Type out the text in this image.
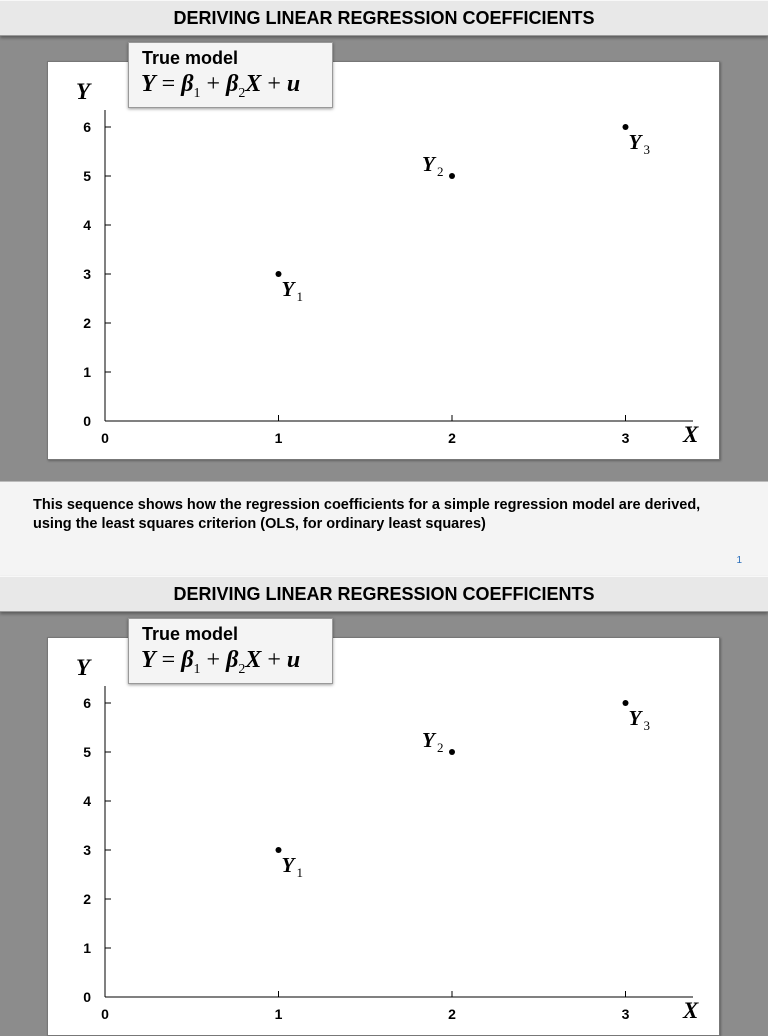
DERIVING LINEAR REGRESSION COEFFICIENTS
0	1	2	3
0
1
2
3
4
5
6
X
Y
Y 1
Y 2
Y 3
True model
$Y = \beta_1 + \beta_2X + u$
This sequence shows how the regression coefficients for a simple regression model are derived, using the least squares criterion (OLS, for ordinary least squares)
1
DERIVING LINEAR REGRESSION COEFFICIENTS
0	1	2	3
0
1
2
3
4
5
6
X
Y
Y 1
Y 2
Y 3
True model
$Y = \beta_1 + \beta_2X + u$
